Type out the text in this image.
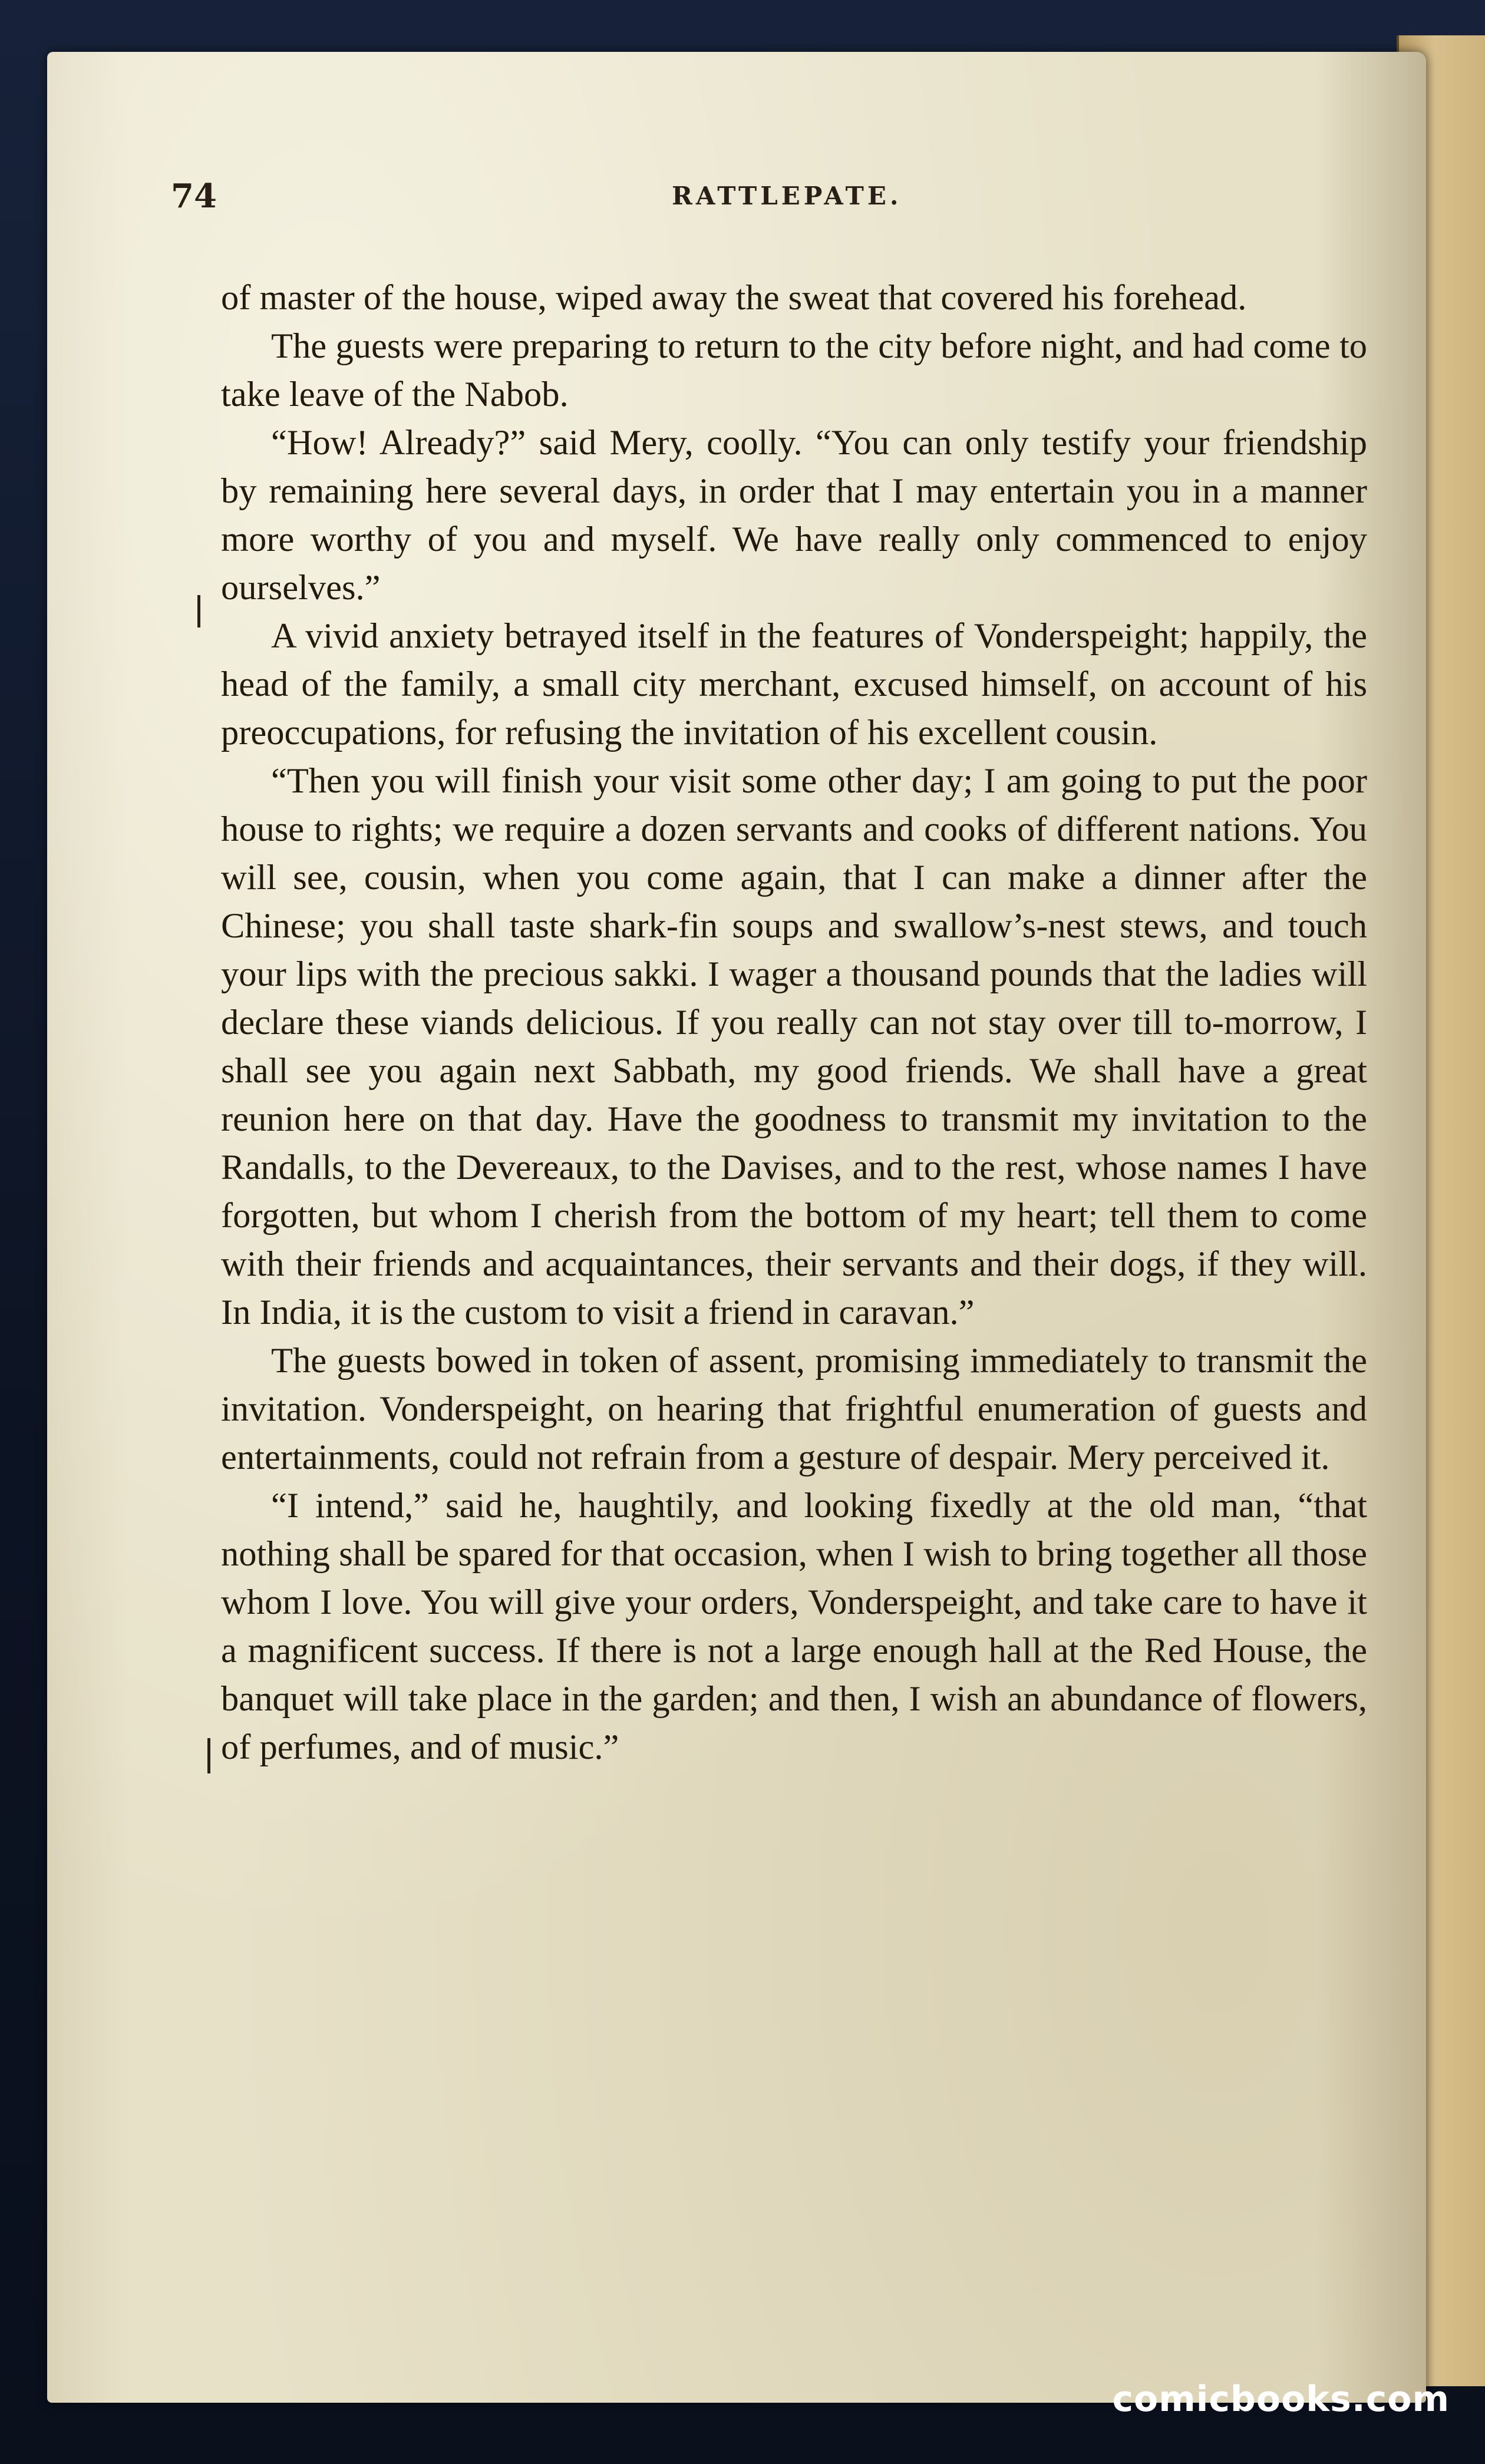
74	RATTLEPATE.

of master of the house, wiped away the sweat that covered his forehead.

The guests were preparing to return to the city before night, and had come to take leave of the Nabob.

“How! Already?” said Mery, coolly. “You can only testify your friendship by remaining here several days, in order that I may entertain you in a manner more worthy of you and myself. We have really only commenced to enjoy ourselves.”

A vivid anxiety betrayed itself in the features of Vonderspeight; happily, the head of the family, a small city merchant, excused himself, on account of his preoccupations, for refusing the invitation of his excellent cousin.

“Then you will finish your visit some other day; I am going to put the poor house to rights; we require a dozen servants and cooks of different nations. You will see, cousin, when you come again, that I can make a dinner after the Chinese; you shall taste shark-fin soups and swallow’s-nest stews, and touch your lips with the precious sakki. I wager a thousand pounds that the ladies will declare these viands delicious. If you really can not stay over till to-morrow, I shall see you again next Sabbath, my good friends. We shall have a great reunion here on that day. Have the goodness to transmit my invitation to the Randalls, to the Devereaux, to the Davises, and to the rest, whose names I have forgotten, but whom I cherish from the bottom of my heart; tell them to come with their friends and acquaintances, their servants and their dogs, if they will. In India, it is the custom to visit a friend in caravan.”

The guests bowed in token of assent, promising immediately to transmit the invitation. Vonderspeight, on hearing that frightful enumeration of guests and entertainments, could not refrain from a gesture of despair. Mery perceived it.

“I intend,” said he, haughtily, and looking fixedly at the old man, “that nothing shall be spared for that occasion, when I wish to bring together all those whom I love. You will give your orders, Vonderspeight, and take care to have it a magnificent success. If there is not a large enough hall at the Red House, the banquet will take place in the garden; and then, I wish an abundance of flowers, of perfumes, and of music.”

comicbooks.com
